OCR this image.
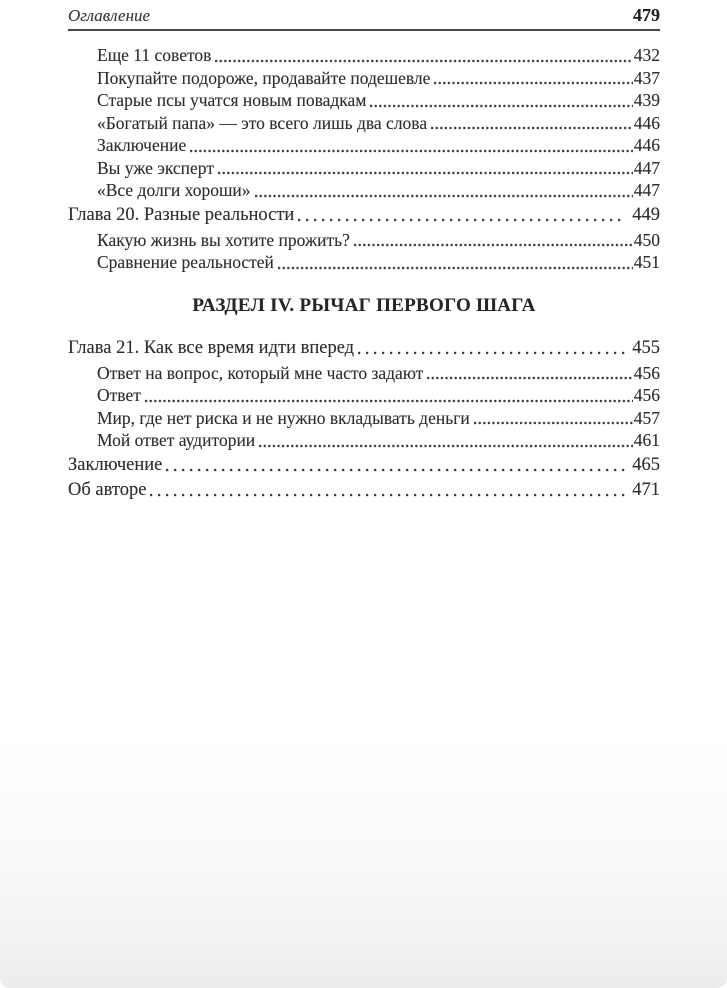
Оглавление	479
Еще 11 советов	432
Покупайте подороже, продавайте подешевле	437
Старые псы учатся новым повадкам	439
«Богатый папа» — это всего лишь два слова	446
Заключение	446
Вы уже эксперт	447
«Все долги хороши»	447
Глава 20. Разные реальности	449
Какую жизнь вы хотите прожить?	450
Сравнение реальностей	451
РАЗДЕЛ IV. РЫЧАГ ПЕРВОГО ШАГА
Глава 21. Как все время идти вперед	455
Ответ на вопрос, который мне часто задают	456
Ответ	456
Мир, где нет риска и не нужно вкладывать деньги	457
Мой ответ аудитории	461
Заключение	465
Об авторе	471
